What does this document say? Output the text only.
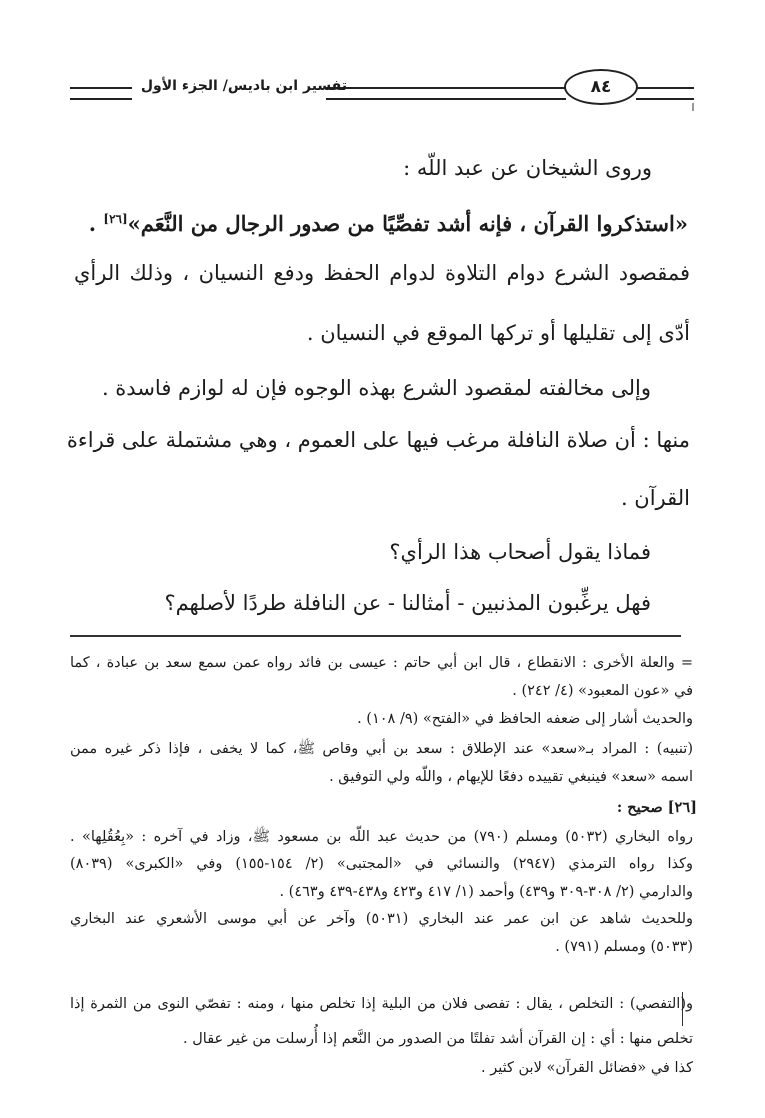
٨٤
تفسير ابن باديس/ الجزء الأول
وروى الشيخان عن عبد اللّه :
«استذكروا القرآن ، فإنه أشد تفصِّيًا من صدور الرجال من النَّعَم»[٢٦] .
فمقصود الشرع دوام التلاوة لدوام الحفظ ودفع النسيان ، وذلك الرأي
أدّى إلى تقليلها أو تركها الموقع في النسيان .
وإلى مخالفته لمقصود الشرع بهذه الوجوه فإن له لوازم فاسدة .
منها : أن صلاة النافلة مرغب فيها على العموم ، وهي مشتملة على قراءة
القرآن .
فماذا يقول أصحاب هذا الرأي؟
فهل يرغِّبون المذنبين - أمثالنا - عن النافلة طردًا لأصلهم؟
= والعلة الأخرى : الانقطاع ، قال ابن أبي حاتم : عيسى بن فائد رواه عمن سمع سعد بن عبادة ، كما
في «عون المعبود» (٤/ ٢٤٢) .
والحديث أشار إلى ضعفه الحافظ في «الفتح» (٩/ ١٠٨) .
(تنبيه) : المراد بـ«سعد» عند الإطلاق : سعد بن أبي وقاص ﷺ، كما لا يخفى ، فإذا ذكر غيره ممن
اسمه «سعد» فينبغي تقييده دفعًا للإيهام ، واللّه ولي التوفيق .
[٢٦] صحيح :
رواه البخاري (٥٠٣٢) ومسلم (٧٩٠) من حديث عبد اللّه بن مسعود ﷺ، وزاد في آخره : «بِعُقُلِها» .
وكذا رواه الترمذي (٢٩٤٧) والنسائي في «المجتبى» (٢/ ١٥٤-١٥٥) وفي «الكبرى» (٨٠٣٩)
والدارمي (٢/ ٣٠٨-٣٠٩ و٤٣٩) وأحمد (١/ ٤١٧ و٤٢٣ و٤٣٨-٤٣٩ و٤٦٣) .
وللحديث شاهد عن ابن عمر عند البخاري (٥٠٣١) وآخر عن أبي موسى الأشعري عند البخاري
(٥٠٣٣) ومسلم (٧٩١) .
و(التفصي) : التخلص ، يقال : تفصى فلان من البلية إذا تخلص منها ، ومنه : تفصّي النوى من الثمرة إذا
تخلص منها : أي : إن القرآن أشد تفلتًا من الصدور من النَّعم إذا أُرسلت من غير عقال .
كذا في «فضائل القرآن» لابن كثير .
